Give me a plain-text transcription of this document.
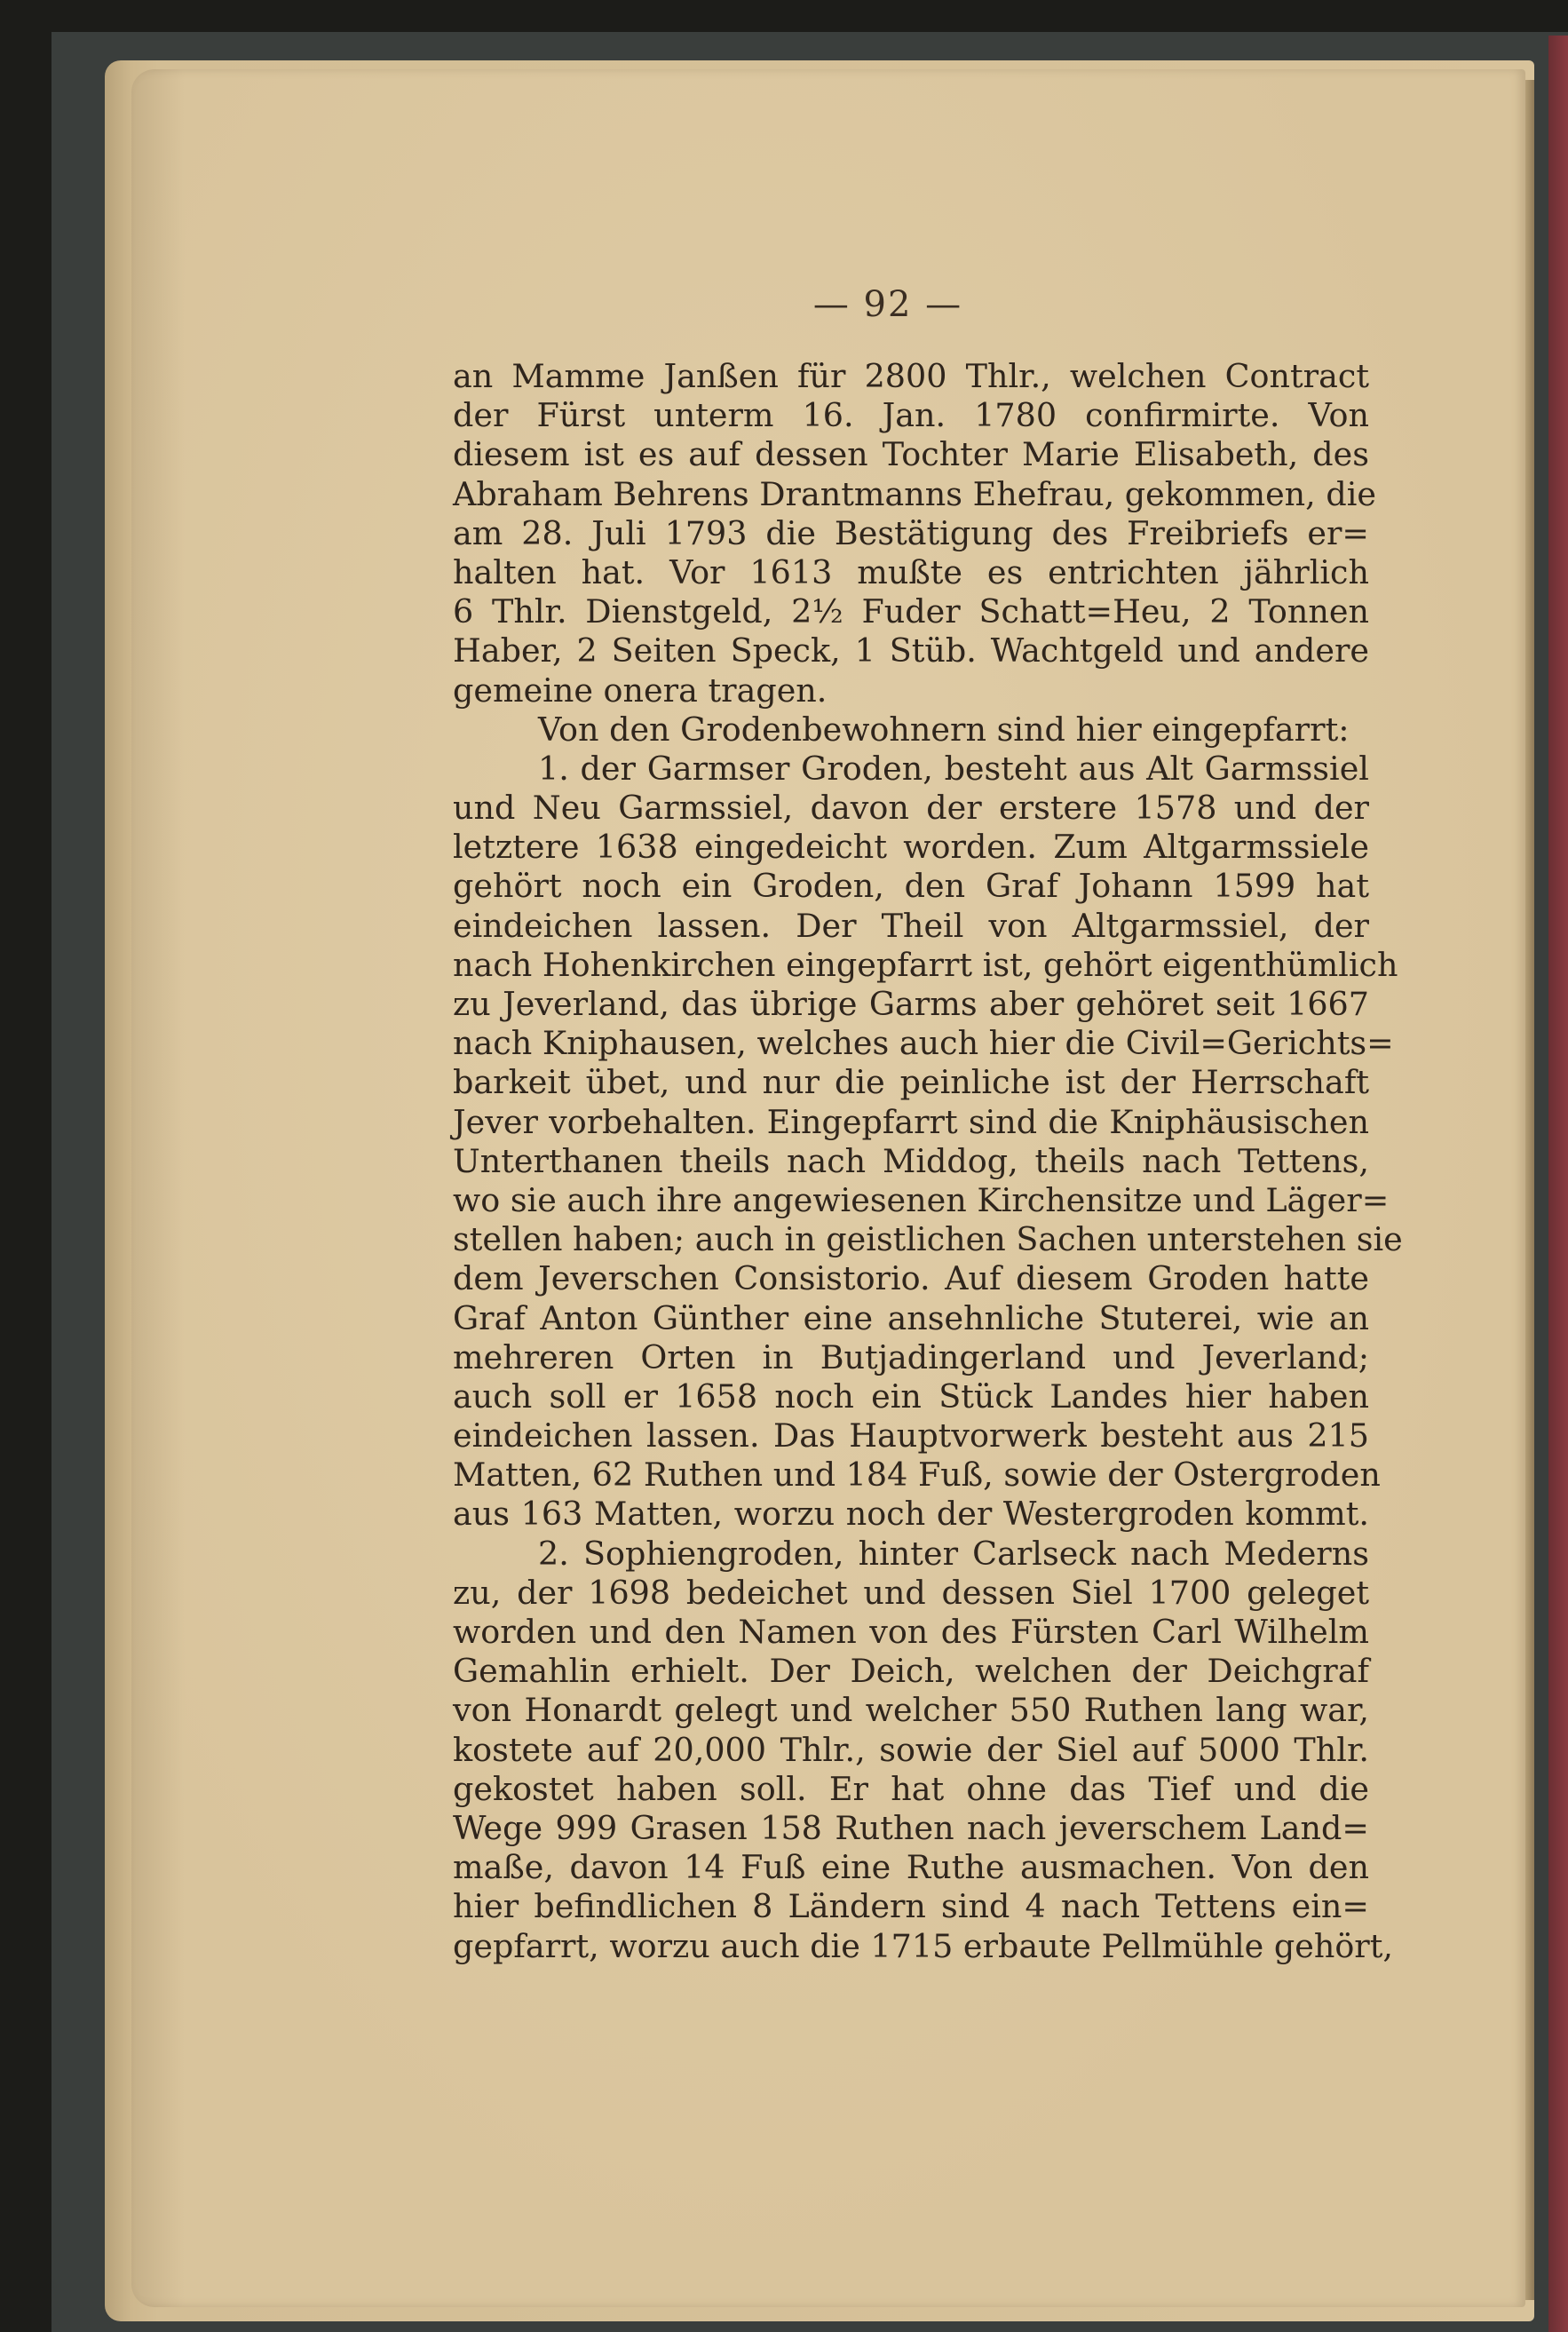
— 92 —
an Mamme Janßen für 2800 Thlr., welchen Contract
der Fürst unterm 16. Jan. 1780 confirmirte. Von
diesem ist es auf dessen Tochter Marie Elisabeth, des
Abraham Behrens Drantmanns Ehefrau, gekommen, die
am 28. Juli 1793 die Bestätigung des Freibriefs er=
halten hat. Vor 1613 mußte es entrichten jährlich
6 Thlr. Dienstgeld, 2½ Fuder Schatt=Heu, 2 Tonnen
Haber, 2 Seiten Speck, 1 Stüb. Wachtgeld und andere
gemeine onera tragen.
Von den Grodenbewohnern sind hier eingepfarrt:
1. der Garmser Groden, besteht aus Alt Garmssiel
und Neu Garmssiel, davon der erstere 1578 und der
letztere 1638 eingedeicht worden. Zum Altgarmssiele
gehört noch ein Groden, den Graf Johann 1599 hat
eindeichen lassen. Der Theil von Altgarmssiel, der
nach Hohenkirchen eingepfarrt ist, gehört eigenthümlich
zu Jeverland, das übrige Garms aber gehöret seit 1667
nach Kniphausen, welches auch hier die Civil=Gerichts=
barkeit übet, und nur die peinliche ist der Herrschaft
Jever vorbehalten. Eingepfarrt sind die Kniphäusischen
Unterthanen theils nach Middog, theils nach Tettens,
wo sie auch ihre angewiesenen Kirchensitze und Läger=
stellen haben; auch in geistlichen Sachen unterstehen sie
dem Jeverschen Consistorio. Auf diesem Groden hatte
Graf Anton Günther eine ansehnliche Stuterei, wie an
mehreren Orten in Butjadingerland und Jeverland;
auch soll er 1658 noch ein Stück Landes hier haben
eindeichen lassen. Das Hauptvorwerk besteht aus 215
Matten, 62 Ruthen und 184 Fuß, sowie der Ostergroden
aus 163 Matten, worzu noch der Westergroden kommt.
2. Sophiengroden, hinter Carlseck nach Mederns
zu, der 1698 bedeichet und dessen Siel 1700 geleget
worden und den Namen von des Fürsten Carl Wilhelm
Gemahlin erhielt. Der Deich, welchen der Deichgraf
von Honardt gelegt und welcher 550 Ruthen lang war,
kostete auf 20,000 Thlr., sowie der Siel auf 5000 Thlr.
gekostet haben soll. Er hat ohne das Tief und die
Wege 999 Grasen 158 Ruthen nach jeverschem Land=
maße, davon 14 Fuß eine Ruthe ausmachen. Von den
hier befindlichen 8 Ländern sind 4 nach Tettens ein=
gepfarrt, worzu auch die 1715 erbaute Pellmühle gehört,
